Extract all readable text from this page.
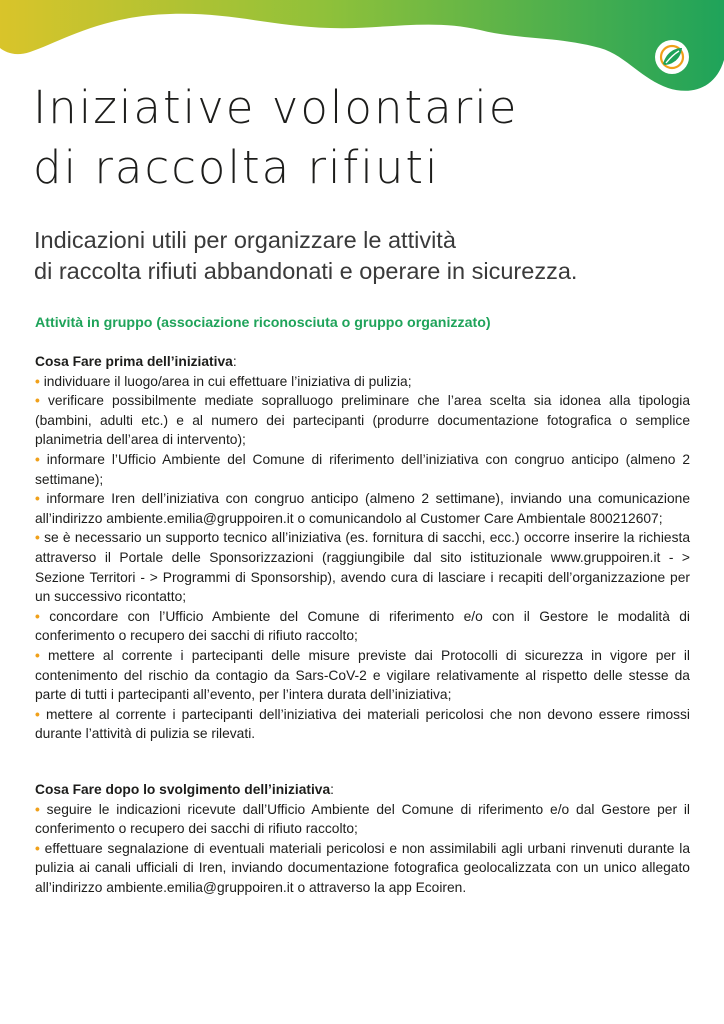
Iniziative volontarie
di raccolta rifiuti
Indicazioni utili per organizzare le attività
di raccolta rifiuti abbandonati e operare in sicurezza.
Attività in gruppo (associazione riconosciuta o gruppo organizzato)

Cosa Fare prima dell’iniziativa:

• individuare il luogo/area in cui effettuare l’iniziativa di pulizia;
• verificare possibilmente mediate sopralluogo preliminare che l’area scelta sia idonea alla tipologia (bambini, adulti etc.) e al numero dei partecipanti (produrre documentazione fotografica o semplice planimetria dell’area di intervento);
• informare l’Ufficio Ambiente del Comune di riferimento dell’iniziativa con congruo anticipo (almeno 2 settimane);
• informare Iren dell’iniziativa con congruo anticipo (almeno 2 settimane), inviando una comunicazione all’indirizzo ambiente.emilia@gruppoiren.it o comunicandolo al Customer Care Ambientale 800212607;
• se è necessario un supporto tecnico all’iniziativa (es. fornitura di sacchi, ecc.) occorre inserire la richiesta attraverso il Portale delle Sponsorizzazioni (raggiungibile dal sito istituzionale www.gruppoiren.it - > Sezione Territori - > Programmi di Sponsorship), avendo cura di lasciare i recapiti dell’organizzazione per un successivo ricontatto;
• concordare con l’Ufficio Ambiente del Comune di riferimento e/o con il Gestore le modalità di conferimento o recupero dei sacchi di rifiuto raccolto;
• mettere al corrente i partecipanti delle misure previste dai Protocolli di sicurezza in vigore per il contenimento del rischio da contagio da Sars-CoV-2 e vigilare relativamente al rispetto delle stesse da parte di tutti i partecipanti all’evento, per l’intera durata dell’iniziativa;
• mettere al corrente i partecipanti dell’iniziativa dei materiali pericolosi che non devono essere rimossi durante l’attività di pulizia se rilevati.

Cosa Fare dopo lo svolgimento dell’iniziativa:

• seguire le indicazioni ricevute dall’Ufficio Ambiente del Comune di riferimento e/o dal Gestore per il conferimento o recupero dei sacchi di rifiuto raccolto;
• effettuare segnalazione di eventuali materiali pericolosi e non assimilabili agli urbani rinvenuti durante la pulizia ai canali ufficiali di Iren, inviando documentazione fotografica geolocalizzata con un unico allegato all’indirizzo ambiente.emilia@gruppoiren.it o attraverso la app Ecoiren.
